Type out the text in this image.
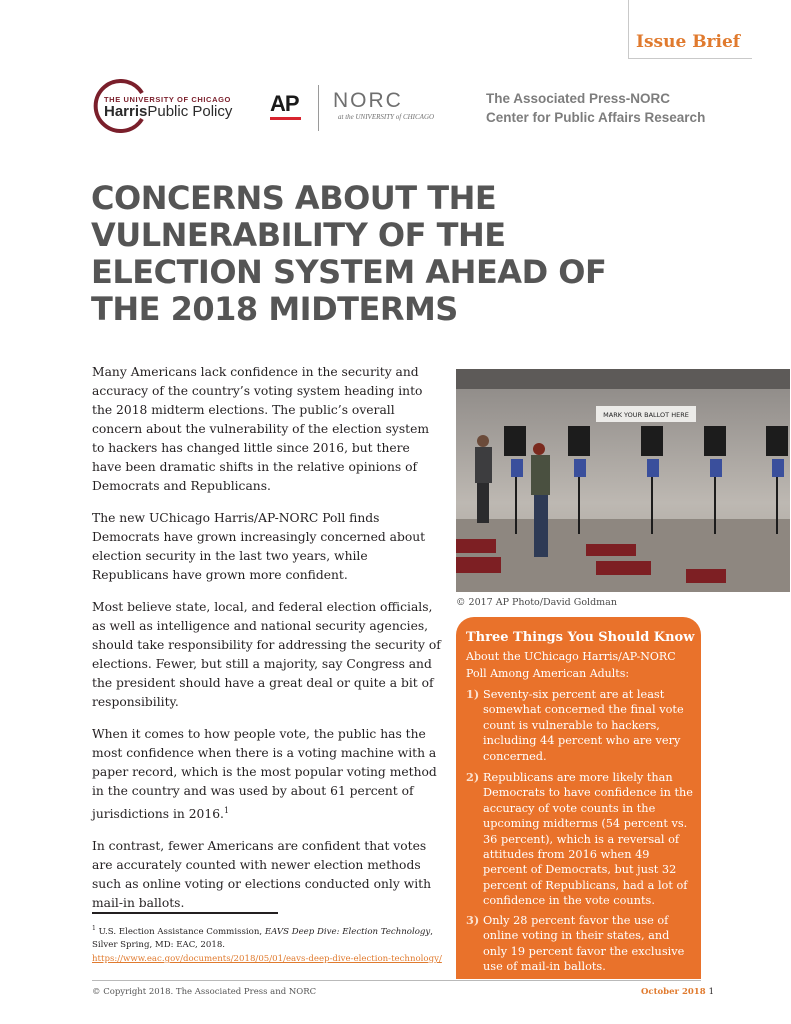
Issue Brief
THE UNIVERSITY OF CHICAGO
HarrisPublic Policy AP NORC
at the UNIVERSITY of CHICAGO
The Associated Press-NORC
Center for Public Affairs Research
CONCERNS ABOUT THE VULNERABILITY OF THE ELECTION SYSTEM AHEAD OF THE 2018 MIDTERMS

Many Americans lack confidence in the security and accuracy of the country’s voting system heading into the 2018 midterm elections. The public’s overall concern about the vulnerability of the election system to hackers has changed little since 2016, but there have been dramatic shifts in the relative opinions of Democrats and Republicans.

The new UChicago Harris/AP-NORC Poll finds Democrats have grown increasingly concerned about election security in the last two years, while Republicans have grown more confident.

Most believe state, local, and federal election officials, as well as intelligence and national security agencies, should take responsibility for addressing the security of elections. Fewer, but still a majority, say Congress and the president should have a great deal or quite a bit of responsibility.

When it comes to how people vote, the public has the most confidence when there is a voting machine with a paper record, which is the most popular voting method in the country and was used by about 61 percent of jurisdictions in 2016.$^1$

In contrast, fewer Americans are confident that votes are accurately counted with newer election methods such as online voting or elections conducted only with mail-in ballots.

MARK YOUR BALLOT HERE
© 2017 AP Photo/David Goldman
Three Things You Should Know
About the UChicago Harris/AP-NORC Poll Among American Adults:
1) Seventy-six percent are at least somewhat concerned the final vote count is vulnerable to hackers, including 44 percent who are very concerned.
2) Republicans are more likely than Democrats to have confidence in the accuracy of vote counts in the upcoming midterms (54 percent vs. 36 percent), which is a reversal of attitudes from 2016 when 49 percent of Democrats, but just 32 percent of Republicans, had a lot of confidence in the vote counts.
3) Only 28 percent favor the use of online voting in their states, and only 19 percent favor the exclusive use of mail-in ballots.
$^1$ U.S. Election Assistance Commission, EAVS Deep Dive: Election Technology, Silver Spring, MD: EAC, 2018.
https://www.eac.gov/documents/2018/05/01/eavs-deep-dive-election-technology/
© Copyright 2018. The Associated Press and NORC	October 2018 1
